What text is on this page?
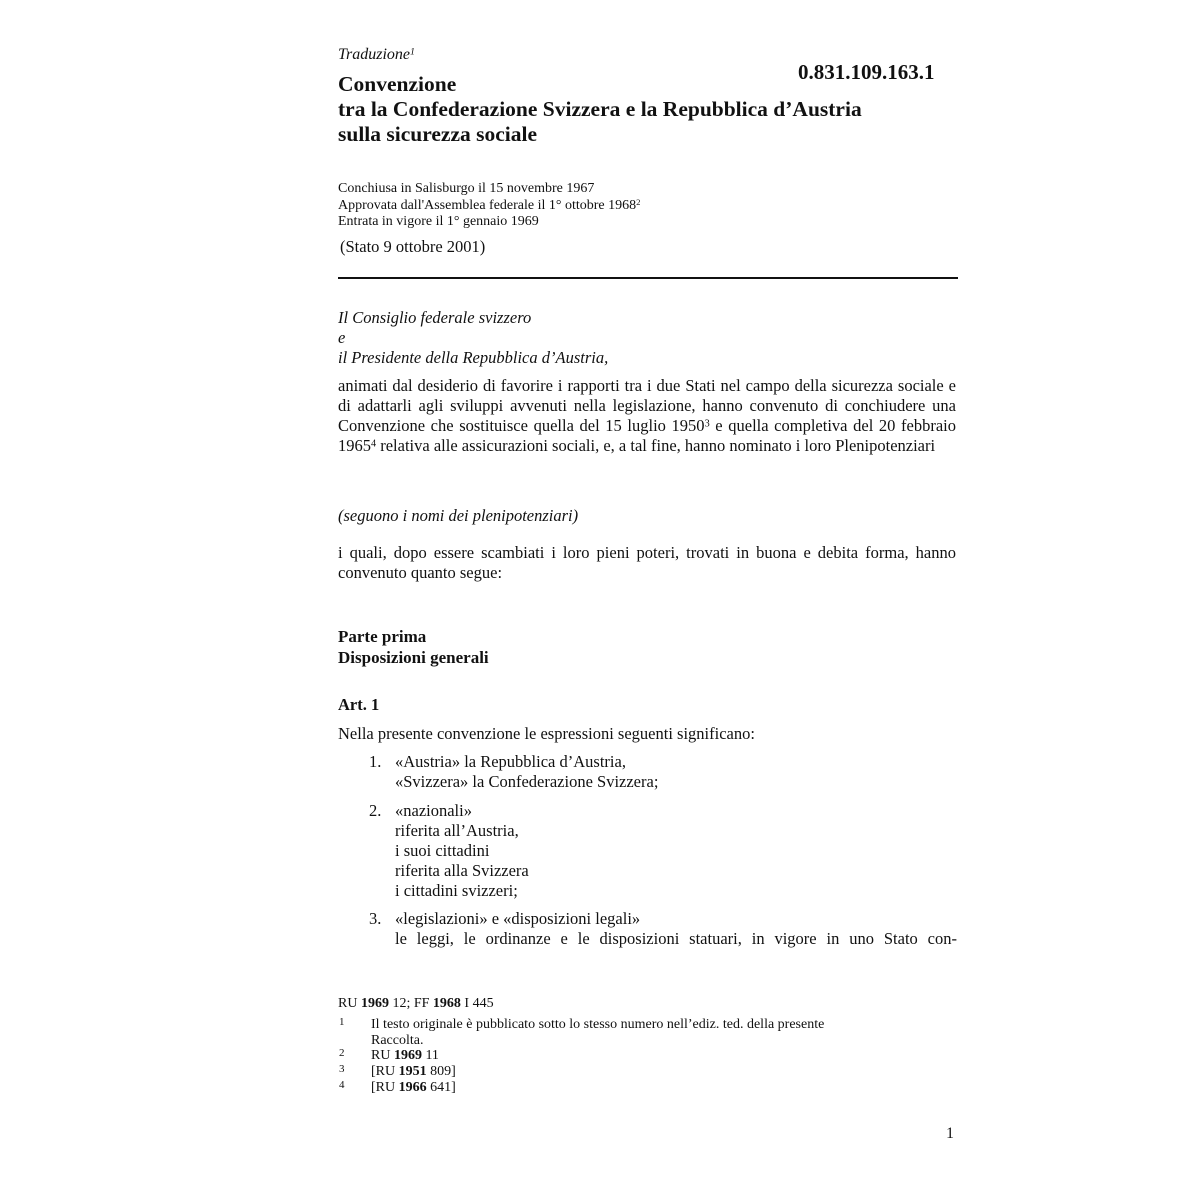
Traduzione$^1$
0.831.109.163.1
Convenzione
tra la Confederazione Svizzera e la Repubblica d’Austria
sulla sicurezza sociale
Conchiusa in Salisburgo il 15 novembre 1967
Approvata dall'Assemblea federale il 1° ottobre 1968$^2$
Entrata in vigore il 1° gennaio 1969
(Stato 9 ottobre 2001)
Il Consiglio federale svizzero
e
il Presidente della Repubblica d’Austria,
animati dal desiderio di favorire i rapporti tra i due Stati nel campo della sicurezza sociale e di adattarli agli sviluppi avvenuti nella legislazione, hanno convenuto di conchiudere una Convenzione che sostituisce quella del 15 luglio 1950$^3$ e quella completiva del 20 febbraio 1965$^4$ relativa alle assicurazioni sociali, e, a tal fine, hanno nominato i loro Plenipotenziari
(seguono i nomi dei plenipotenziari)
i quali, dopo essere scambiati i loro pieni poteri, trovati in buona e debita forma, hanno convenuto quanto segue:
Parte prima
Disposizioni generali
Art. 1
Nella presente convenzione le espressioni seguenti significano:
1. «Austria» la Repubblica d’Austria,
«Svizzera» la Confederazione Svizzera;
2. «nazionali»
riferita all’Austria,
i suoi cittadini
riferita alla Svizzera
i cittadini svizzeri;
3. «legislazioni» e «disposizioni legali»
le leggi, le ordinanze e le disposizioni statuari, in vigore in uno Stato con-
RU 1969 12; FF 1968 I 445
1 Il testo originale è pubblicato sotto lo stesso numero nell’ediz. ted. della presente
Raccolta.
2 RU 1969 11
3 [RU 1951 809]
4 [RU 1966 641]
1
